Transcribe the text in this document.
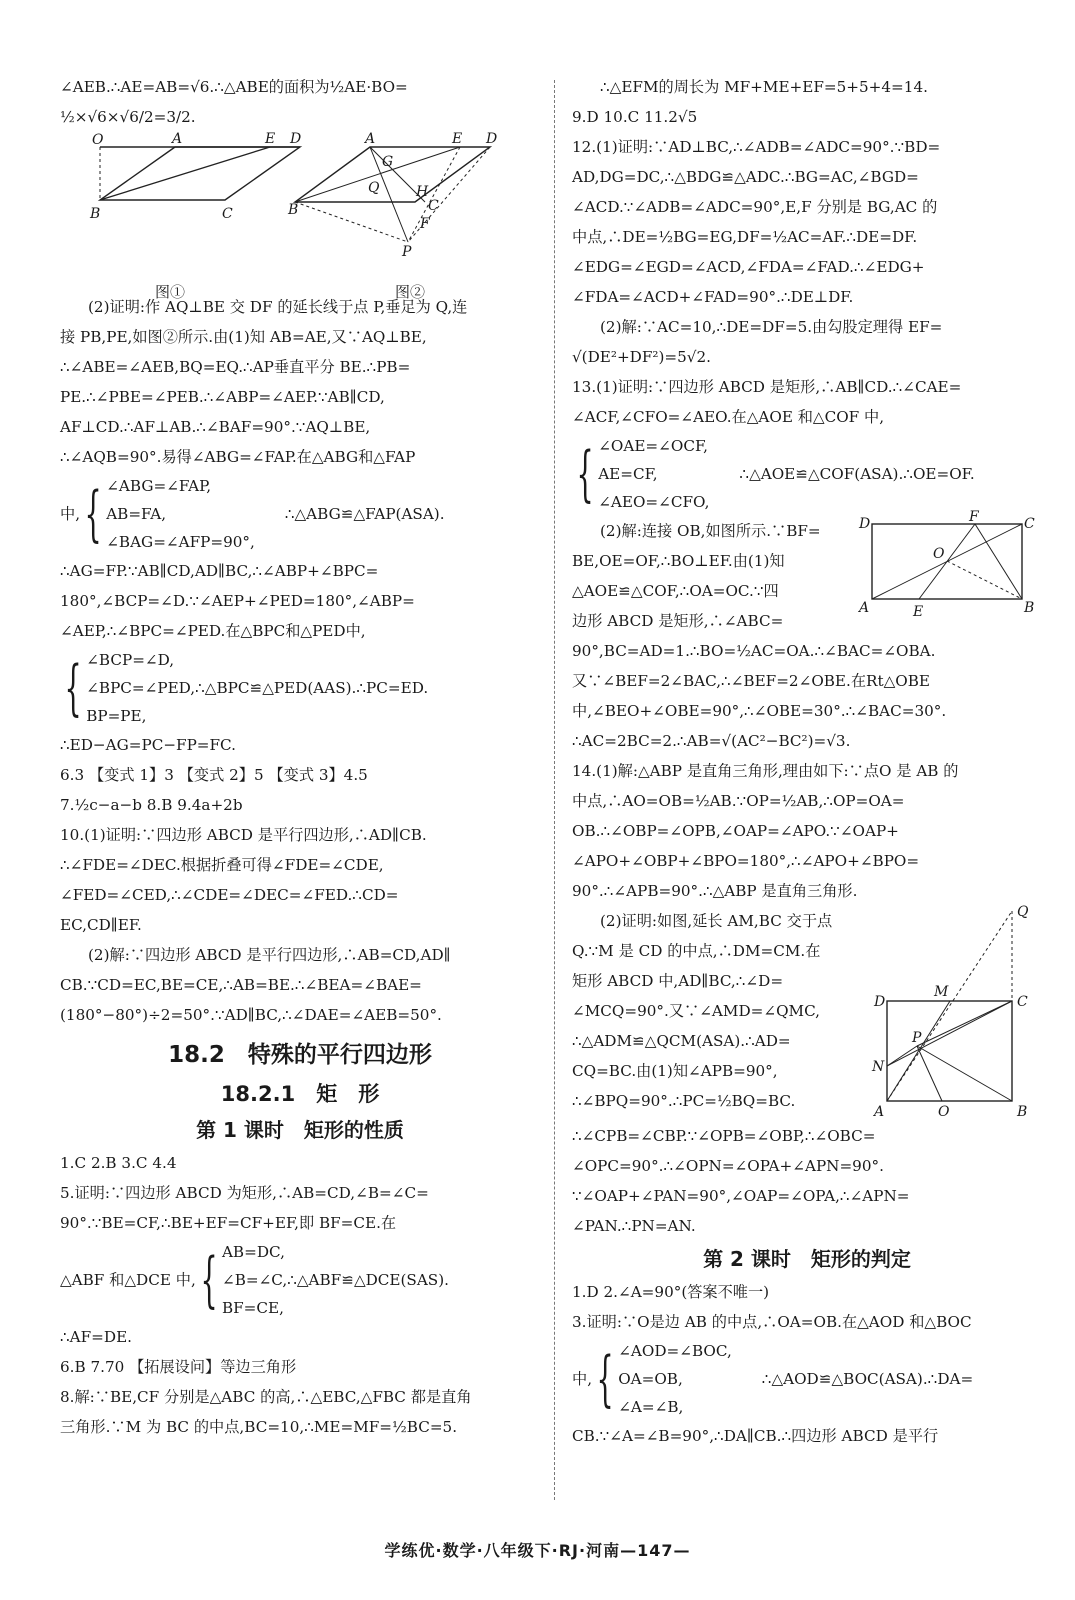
∠AEB.∴AE=AB=√6.∴△ABE的面积为½AE·BO=
½×√6×√6/2=3/2.
O	A	E D
B	C
图①
A	E D
G
Q	H
B	C
F
P
图②
(2)证明:作 AQ⊥BE 交 DF 的延长线于点 P,垂足为 Q,连
接 PB,PE,如图②所示.由(1)知 AB=AE,又∵AQ⊥BE,
∴∠ABE=∠AEB,BQ=EQ.∴AP垂直平分 BE.∴PB=
PE.∴∠PBE=∠PEB.∴∠ABP=∠AEP.∵AB∥CD,
AF⊥CD.∴AF⊥AB.∴∠BAF=90°.∵AQ⊥BE,
∴∠AQB=90°.易得∠ABG=∠FAP.在△ABG和△FAP
中, { ∠ABG=∠FAP,
AB=FA,
∠BAG=∠AFP=90°,
∴△ABG≌△FAP(ASA).
∴AG=FP.∵AB∥CD,AD∥BC,∴∠ABP+∠BPC=
180°,∠BCP=∠D.∵∠AEP+∠PED=180°,∠ABP=
∠AEP,∴∠BPC=∠PED.在△BPC和△PED中,
{ ∠BCP=∠D,
∠BPC=∠PED,∴△BPC≌△PED(AAS).∴PC=ED.
BP=PE,
∴ED−AG=PC−FP=FC.
6.3 【变式 1】3 【变式 2】5 【变式 3】4.5
7.½c−a−b 8.B 9.4a+2b
10.(1)证明:∵四边形 ABCD 是平行四边形,∴AD∥CB.
∴∠FDE=∠DEC.根据折叠可得∠FDE=∠CDE,
∠FED=∠CED,∴∠CDE=∠DEC=∠FED.∴CD=
EC,CD∥EF.
(2)解:∵四边形 ABCD 是平行四边形,∴AB=CD,AD∥
CB.∵CD=EC,BE=CE,∴AB=BE.∴∠BEA=∠BAE=
(180°−80°)÷2=50°.∵AD∥BC,∴∠DAE=∠AEB=50°.
18.2　特殊的平行四边形
18.2.1　矩　形
第 1 课时　矩形的性质
1.C 2.B 3.C 4.4
5.证明:∵四边形 ABCD 为矩形,∴AB=CD,∠B=∠C=
90°.∵BE=CF,∴BE+EF=CF+EF,即 BF=CE.在
△ABF 和△DCE 中, { AB=DC,
∠B=∠C,∴△ABF≌△DCE(SAS).
BF=CE,
∴AF=DE.
6.B 7.70 【拓展设问】等边三角形
8.解:∵BE,CF 分别是△ABC 的高,∴△EBC,△FBC 都是直角
三角形.∵M 为 BC 的中点,BC=10,∴ME=MF=½BC=5.
∴△EFM的周长为 MF+ME+EF=5+5+4=14.
9.D 10.C 11.2√5
12.(1)证明:∵AD⊥BC,∴∠ADB=∠ADC=90°.∵BD=
AD,DG=DC,∴△BDG≌△ADC.∴BG=AC,∠BGD=
∠ACD.∵∠ADB=∠ADC=90°,E,F 分别是 BG,AC 的
中点,∴DE=½BG=EG,DF=½AC=AF.∴DE=DF.
∠EDG=∠EGD=∠ACD,∠FDA=∠FAD.∴∠EDG+
∠FDA=∠ACD+∠FAD=90°.∴DE⊥DF.
(2)解:∵AC=10,∴DE=DF=5.由勾股定理得 EF=
√(DE²+DF²)=5√2.
13.(1)证明:∵四边形 ABCD 是矩形,∴AB∥CD.∴∠CAE=
∠ACF,∠CFO=∠AEO.在△AOE 和△COF 中,
{ ∠OAE=∠OCF,
AE=CF,
∠AEO=∠CFO,
∴△AOE≌△COF(ASA).∴OE=OF.
(2)解:连接 OB,如图所示.∵BF=
BE,OE=OF,∴BO⊥EF.由(1)知
△AOE≌△COF,∴OA=OC.∵四
边形 ABCD 是矩形,∴∠ABC=
D	F	C
O
A	E	B
90°,BC=AD=1.∴BO=½AC=OA.∴∠BAC=∠OBA.
又∵∠BEF=2∠BAC,∴∠BEF=2∠OBE.在Rt△OBE
中,∠BEO+∠OBE=90°,∴∠OBE=30°.∴∠BAC=30°.
∴AC=2BC=2.∴AB=√(AC²−BC²)=√3.
14.(1)解:△ABP 是直角三角形,理由如下:∵点O 是 AB 的
中点,∴AO=OB=½AB.∵OP=½AB,∴OP=OA=
OB.∴∠OBP=∠OPB,∠OAP=∠APO.∵∠OAP+
∠APO+∠OBP+∠BPO=180°,∴∠APO+∠BPO=
90°.∴∠APB=90°.∴△ABP 是直角三角形.
(2)证明:如图,延长 AM,BC 交于点
Q.∵M 是 CD 的中点,∴DM=CM.在
矩形 ABCD 中,AD∥BC,∴∠D=
∠MCQ=90°.又∵∠AMD=∠QMC,
∴△ADM≌△QCM(ASA).∴AD=
CQ=BC.由(1)知∠APB=90°,
∴∠BPQ=90°.∴PC=½BQ=BC.
Q
D
M
C
P
N
A	O	B
∴∠CPB=∠CBP.∵∠OPB=∠OBP,∴∠OBC=
∠OPC=90°.∴∠OPN=∠OPA+∠APN=90°.
∵∠OAP+∠PAN=90°,∠OAP=∠OPA,∴∠APN=
∠PAN.∴PN=AN.
第 2 课时　矩形的判定
1.D 2.∠A=90°(答案不唯一)
3.证明:∵O是边 AB 的中点,∴OA=OB.在△AOD 和△BOC
中, { ∠AOD=∠BOC,
OA=OB,
∠A=∠B,
∴△AOD≌△BOC(ASA).∴DA=
CB.∵∠A=∠B=90°,∴DA∥CB.∴四边形 ABCD 是平行
学练优·数学·八年级下·RJ·河南—147—
